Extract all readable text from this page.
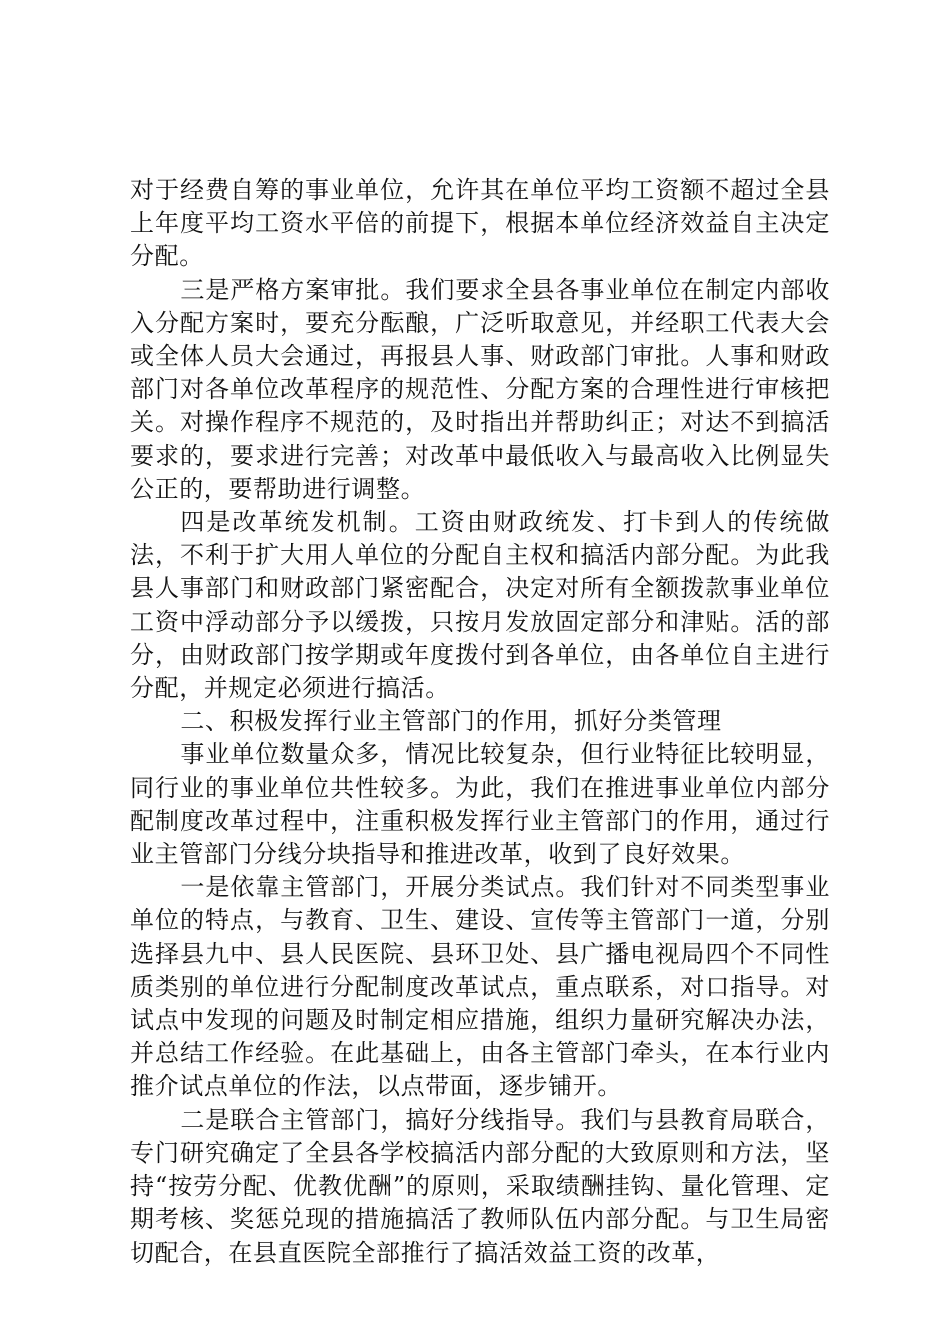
对于经费自筹的事业单位，允许其在单位平均工资额不超过全县上年度平均工资水平倍的前提下，根据本单位经济效益自主决定分配。

三是严格方案审批。我们要求全县各事业单位在制定内部收入分配方案时，要充分酝酿，广泛听取意见，并经职工代表大会或全体人员大会通过，再报县人事、财政部门审批。人事和财政部门对各单位改革程序的规范性、分配方案的合理性进行审核把关。对操作程序不规范的，及时指出并帮助纠正；对达不到搞活要求的，要求进行完善；对改革中最低收入与最高收入比例显失公正的，要帮助进行调整。

四是改革统发机制。工资由财政统发、打卡到人的传统做法，不利于扩大用人单位的分配自主权和搞活内部分配。为此我县人事部门和财政部门紧密配合，决定对所有全额拨款事业单位工资中浮动部分予以缓拨，只按月发放固定部分和津贴。活的部分，由财政部门按学期或年度拨付到各单位，由各单位自主进行分配，并规定必须进行搞活。

二、积极发挥行业主管部门的作用，抓好分类管理

事业单位数量众多，情况比较复杂，但行业特征比较明显，同行业的事业单位共性较多。为此，我们在推进事业单位内部分配制度改革过程中，注重积极发挥行业主管部门的作用，通过行业主管部门分线分块指导和推进改革，收到了良好效果。

一是依靠主管部门，开展分类试点。我们针对不同类型事业单位的特点，与教育、卫生、建设、宣传等主管部门一道，分别选择县九中、县人民医院、县环卫处、县广播电视局四个不同性质类别的单位进行分配制度改革试点，重点联系，对口指导。对试点中发现的问题及时制定相应措施，组织力量研究解决办法，并总结工作经验。在此基础上，由各主管部门牵头，在本行业内推介试点单位的作法，以点带面，逐步铺开。

二是联合主管部门，搞好分线指导。我们与县教育局联合，专门研究确定了全县各学校搞活内部分配的大致原则和方法，坚持“按劳分配、优教优酬”的原则，采取绩酬挂钩、量化管理、定期考核、奖惩兑现的措施搞活了教师队伍内部分配。与卫生局密切配合，在县直医院全部推行了搞活效益工资的改革，
